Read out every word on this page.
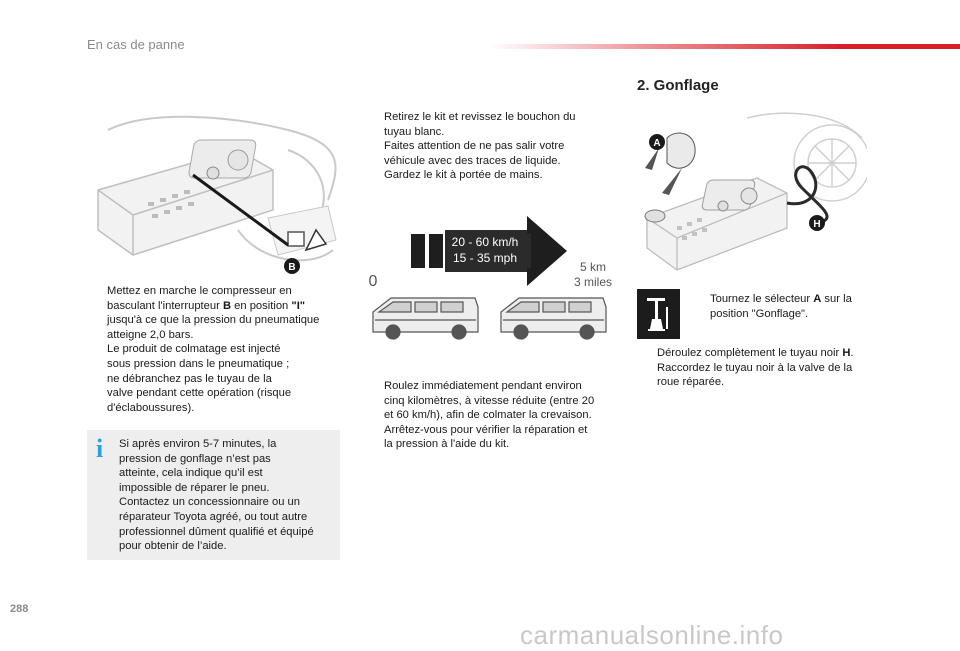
En cas de panne
B
Mettez en marche le compresseur en
basculant l'interrupteur B en position "I"
jusqu'à ce que la pression du pneumatique
atteigne 2,0 bars.
Le produit de colmatage est injecté
sous pression dans le pneumatique ;
ne débranchez pas le tuyau de la
valve pendant cette opération (risque
d'éclaboussures).
i Si après environ 5-7 minutes, la
pression de gonflage n’est pas
atteinte, cela indique qu’il est
impossible de réparer le pneu.
Contactez un concessionnaire ou un
réparateur Toyota agréé, ou tout autre
professionnel dûment qualifié et équipé
pour obtenir de l’aide.
Retirez le kit et revissez le bouchon du
tuyau blanc.
Faites attention de ne pas salir votre
véhicule avec des traces de liquide.
Gardez le kit à portée de mains.
20 - 60 km/h
15 - 35 mph
5 km
3 miles
0
Roulez immédiatement pendant environ
cinq kilomètres, à vitesse réduite (entre 20
et 60 km/h), afin de colmater la crevaison.
Arrêtez-vous pour vérifier la réparation et
la pression à l'aide du kit.
2. Gonflage
A
H
Tournez le sélecteur A sur la
position "Gonflage".
Déroulez complètement le tuyau noir H.
Raccordez le tuyau noir à la valve de la
roue réparée.
288
carmanualsonline.info
